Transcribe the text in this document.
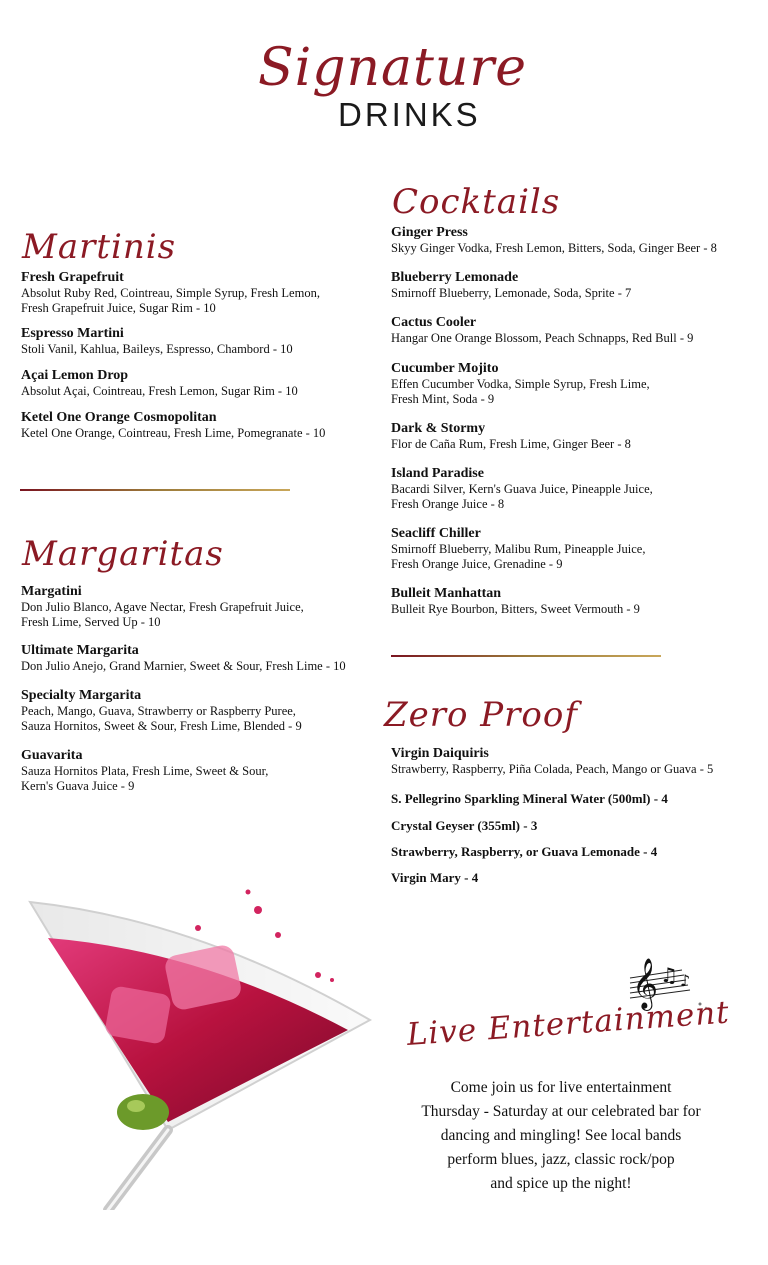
Signature
DRINKS
Martinis
Fresh Grapefruit
Absolut Ruby Red, Cointreau, Simple Syrup, Fresh Lemon,
Fresh Grapefruit Juice, Sugar Rim - 10
Espresso Martini
Stoli Vanil, Kahlua, Baileys, Espresso, Chambord - 10
Açai Lemon Drop
Absolut Açai, Cointreau, Fresh Lemon, Sugar Rim - 10
Ketel One Orange Cosmopolitan
Ketel One Orange, Cointreau, Fresh Lime, Pomegranate - 10
Margaritas
Margatini
Don Julio Blanco, Agave Nectar, Fresh Grapefruit Juice,
Fresh Lime, Served Up - 10
Ultimate Margarita
Don Julio Anejo, Grand Marnier, Sweet & Sour, Fresh Lime - 10
Specialty Margarita
Peach, Mango, Guava, Strawberry or Raspberry Puree,
Sauza Hornitos, Sweet & Sour, Fresh Lime, Blended - 9
Guavarita
Sauza Hornitos Plata, Fresh Lime, Sweet & Sour,
Kern's Guava Juice - 9
Cocktails
Ginger Press
Skyy Ginger Vodka, Fresh Lemon, Bitters, Soda, Ginger Beer - 8
Blueberry Lemonade
Smirnoff Blueberry, Lemonade, Soda, Sprite - 7
Cactus Cooler
Hangar One Orange Blossom, Peach Schnapps, Red Bull - 9
Cucumber Mojito
Effen Cucumber Vodka, Simple Syrup, Fresh Lime,
Fresh Mint, Soda - 9
Dark & Stormy
Flor de Caña Rum, Fresh Lime, Ginger Beer - 8
Island Paradise
Bacardi Silver, Kern's Guava Juice, Pineapple Juice,
Fresh Orange Juice - 8
Seacliff Chiller
Smirnoff Blueberry, Malibu Rum, Pineapple Juice,
Fresh Orange Juice, Grenadine - 9
Bulleit Manhattan
Bulleit Rye Bourbon, Bitters, Sweet Vermouth - 9
Zero Proof
Virgin Daiquiris
Strawberry, Raspberry, Piña Colada, Peach, Mango or Guava - 5
S. Pellegrino Sparkling Mineral Water (500ml) - 4
Crystal Geyser (355ml) - 3
Strawberry, Raspberry, or Guava Lemonade - 4
Virgin Mary - 4
𝄞 ♫ ♪
Live Entertainment
Come join us for live entertainment
Thursday - Saturday at our celebrated bar for
dancing and mingling! See local bands
perform blues, jazz, classic rock/pop
and spice up the night!
